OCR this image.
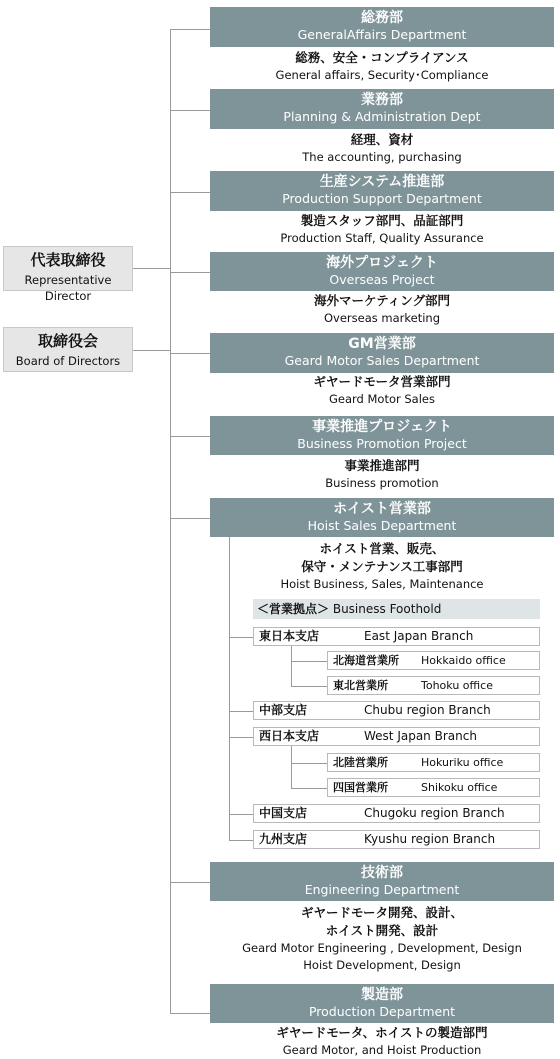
代表取締役
Representative Director
取締役会
Board of Directors
総務部
GeneralAffairs Department
総務、安全・コンプライアンス
General affairs, Security･Compliance
業務部
Planning & Administration Dept
経理、資材
The accounting, purchasing
生産システム推進部
Production Support Department
製造スタッフ部門、品証部門
Production Staff, Quality Assurance
海外プロジェクト
Overseas Project
海外マーケティング部門
Overseas marketing
GM営業部
Geard Motor Sales Department
ギヤードモータ営業部門
Geard Motor Sales
事業推進プロジェクト
Business Promotion Project
事業推進部門
Business promotion
ホイスト営業部
Hoist Sales Department
ホイスト営業、販売、
保守・メンテナンス工事部門
Hoist Business, Sales, Maintenance
＜営業拠点＞ Business Foothold
東日本支店	East Japan Branch
北海道営業所 Hokkaido office
東北営業所	Tohoku office
中部支店	Chubu region Branch
西日本支店	West Japan Branch
北陸営業所	Hokuriku office
四国営業所	Shikoku office
中国支店	Chugoku region Branch
九州支店	Kyushu region Branch
技術部
Engineering Department
ギヤードモータ開発、設計、
ホイスト開発、設計
Geard Motor Engineering , Development, Design
Hoist Development, Design
製造部
Production Department
ギヤードモータ、ホイストの製造部門
Geard Motor, and Hoist Production
